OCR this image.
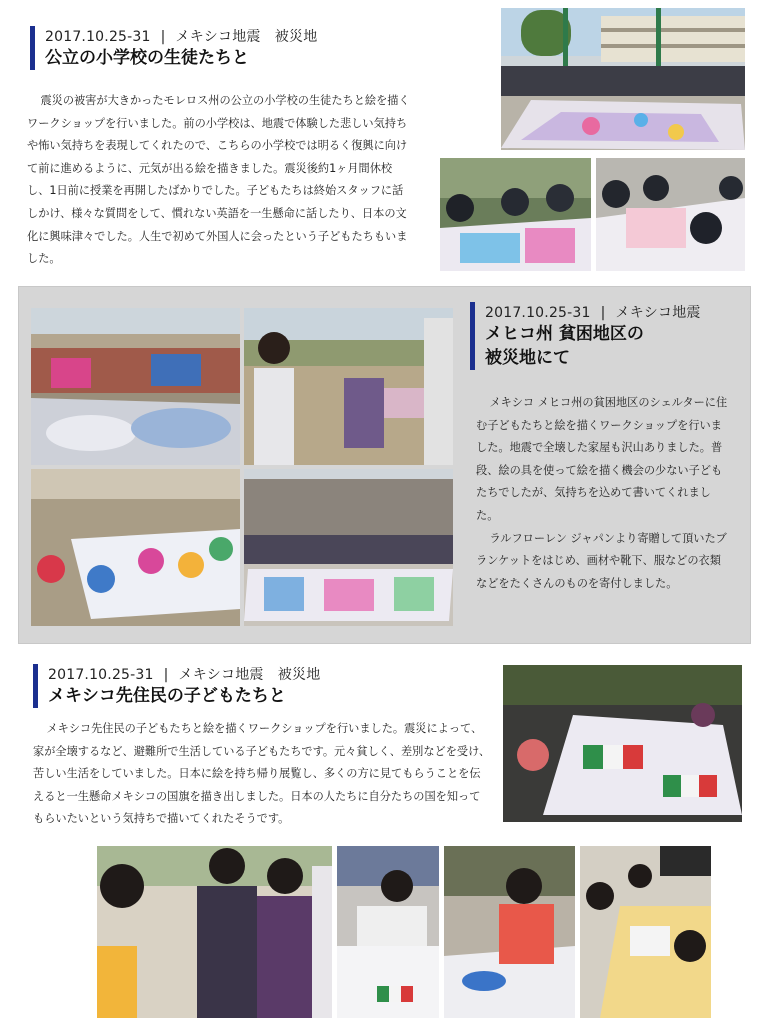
2017.10.25-31 | メキシコ地震　被災地
公立の小学校の生徒たちと
震災の被害が大きかったモレロス州の公立の小学校の生徒たちと絵を描くワークショップを行いました。前の小学校は、地震で体験した悲しい気持ちや怖い気持ちを表現してくれたので、こちらの小学校では明るく復興に向けて前に進めるように、元気が出る絵を描きました。震災後約1ヶ月間休校し、1日前に授業を再開したばかりでした。子どもたちは終始スタッフに話しかけ、様々な質問をして、慣れない英語を一生懸命に話したり、日本の文化に興味津々でした。人生で初めて外国人に会ったという子どもたちもいました。
2017.10.25-31 | メキシコ地震
メヒコ州 貧困地区の
被災地にて

メキシコ メヒコ州の貧困地区のシェルターに住む子どもたちと絵を描くワークショップを行いました。地震で全壊した家屋も沢山ありました。普段、絵の具を使って絵を描く機会の少ない子どもたちでしたが、気持ちを込めて書いてくれました。

ラルフローレン ジャパンより寄贈して頂いたブランケットをはじめ、画材や靴下、服などの衣類などをたくさんのものを寄付しました。

2017.10.25-31 | メキシコ地震　被災地
メキシコ先住民の子どもたちと
メキシコ先住民の子どもたちと絵を描くワークショップを行いました。震災によって、家が全壊するなど、避難所で生活している子どもたちです。元々貧しく、差別などを受け、苦しい生活をしていました。日本に絵を持ち帰り展覧し、多くの方に見てもらうことを伝えると一生懸命メキシコの国旗を描き出しました。日本の人たちに自分たちの国を知ってもらいたいという気持ちで描いてくれたそうです。
